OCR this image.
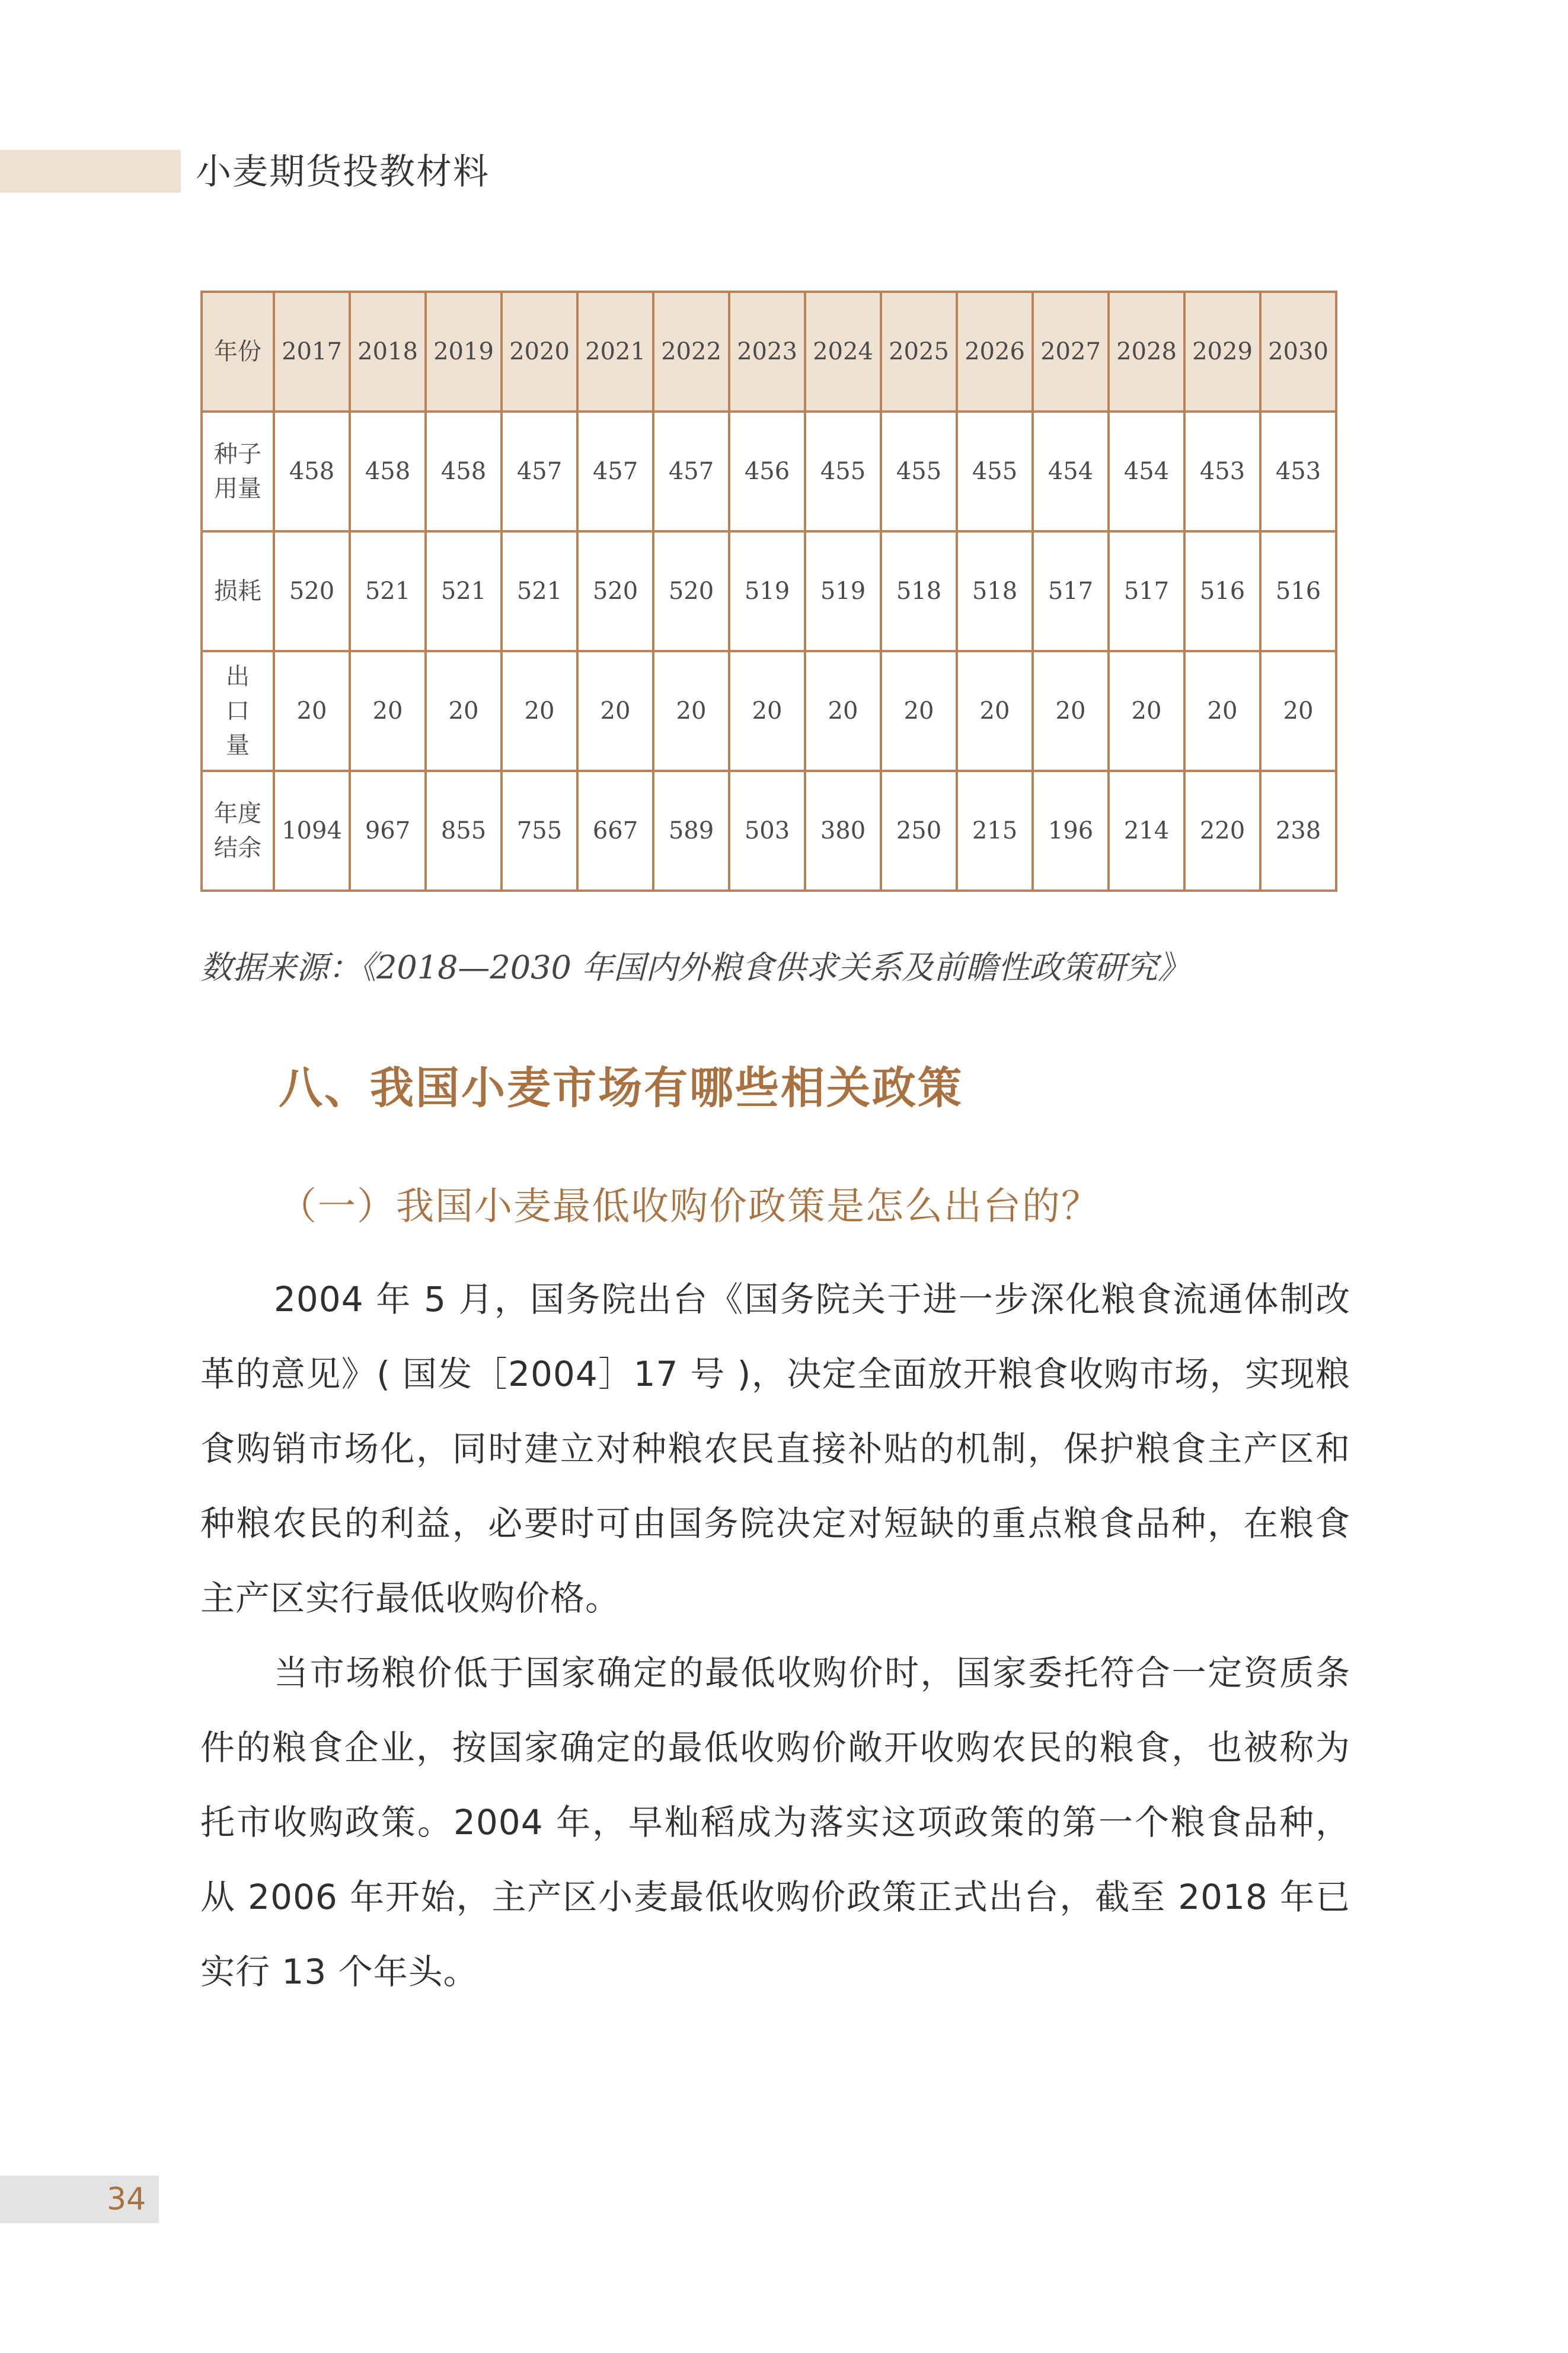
小麦期货投教材料
年份	2017	2018	2019	2020	2021	2022	2023	2024	2025	2026	2027	2028	2029	2030

种子
用量	458	458	458	457	457	457	456	455	455	455	454	454	453	453

损耗	520	521	521	521	520	520	519	519	518	518	517	517	516	516

出
口
量	20	20	20	20	20	20	20	20	20	20	20	20	20	20

年度
结余	1094	967	855	755	667	589	503	380	250	215	196	214	220	238
数据来源：《2018—2030 年国内外粮食供求关系及前瞻性政策研究》
八、我国小麦市场有哪些相关政策
（一）我国小麦最低收购价政策是怎么出台的？

2004 年 5 月，国务院出台《国务院关于进一步深化粮食流通体制改革的意见》( 国发［2004］17 号 )，决定全面放开粮食收购市场，实现粮食购销市场化，同时建立对种粮农民直接补贴的机制，保护粮食主产区和种粮农民的利益，必要时可由国务院决定对短缺的重点粮食品种，在粮食主产区实行最低收购价格。

当市场粮价低于国家确定的最低收购价时，国家委托符合一定资质条件的粮食企业，按国家确定的最低收购价敞开收购农民的粮食，也被称为托市收购政策。2004 年，早籼稻成为落实这项政策的第一个粮食品种，从 2006 年开始，主产区小麦最低收购价政策正式出台，截至 2018 年已实行 13 个年头。

34
